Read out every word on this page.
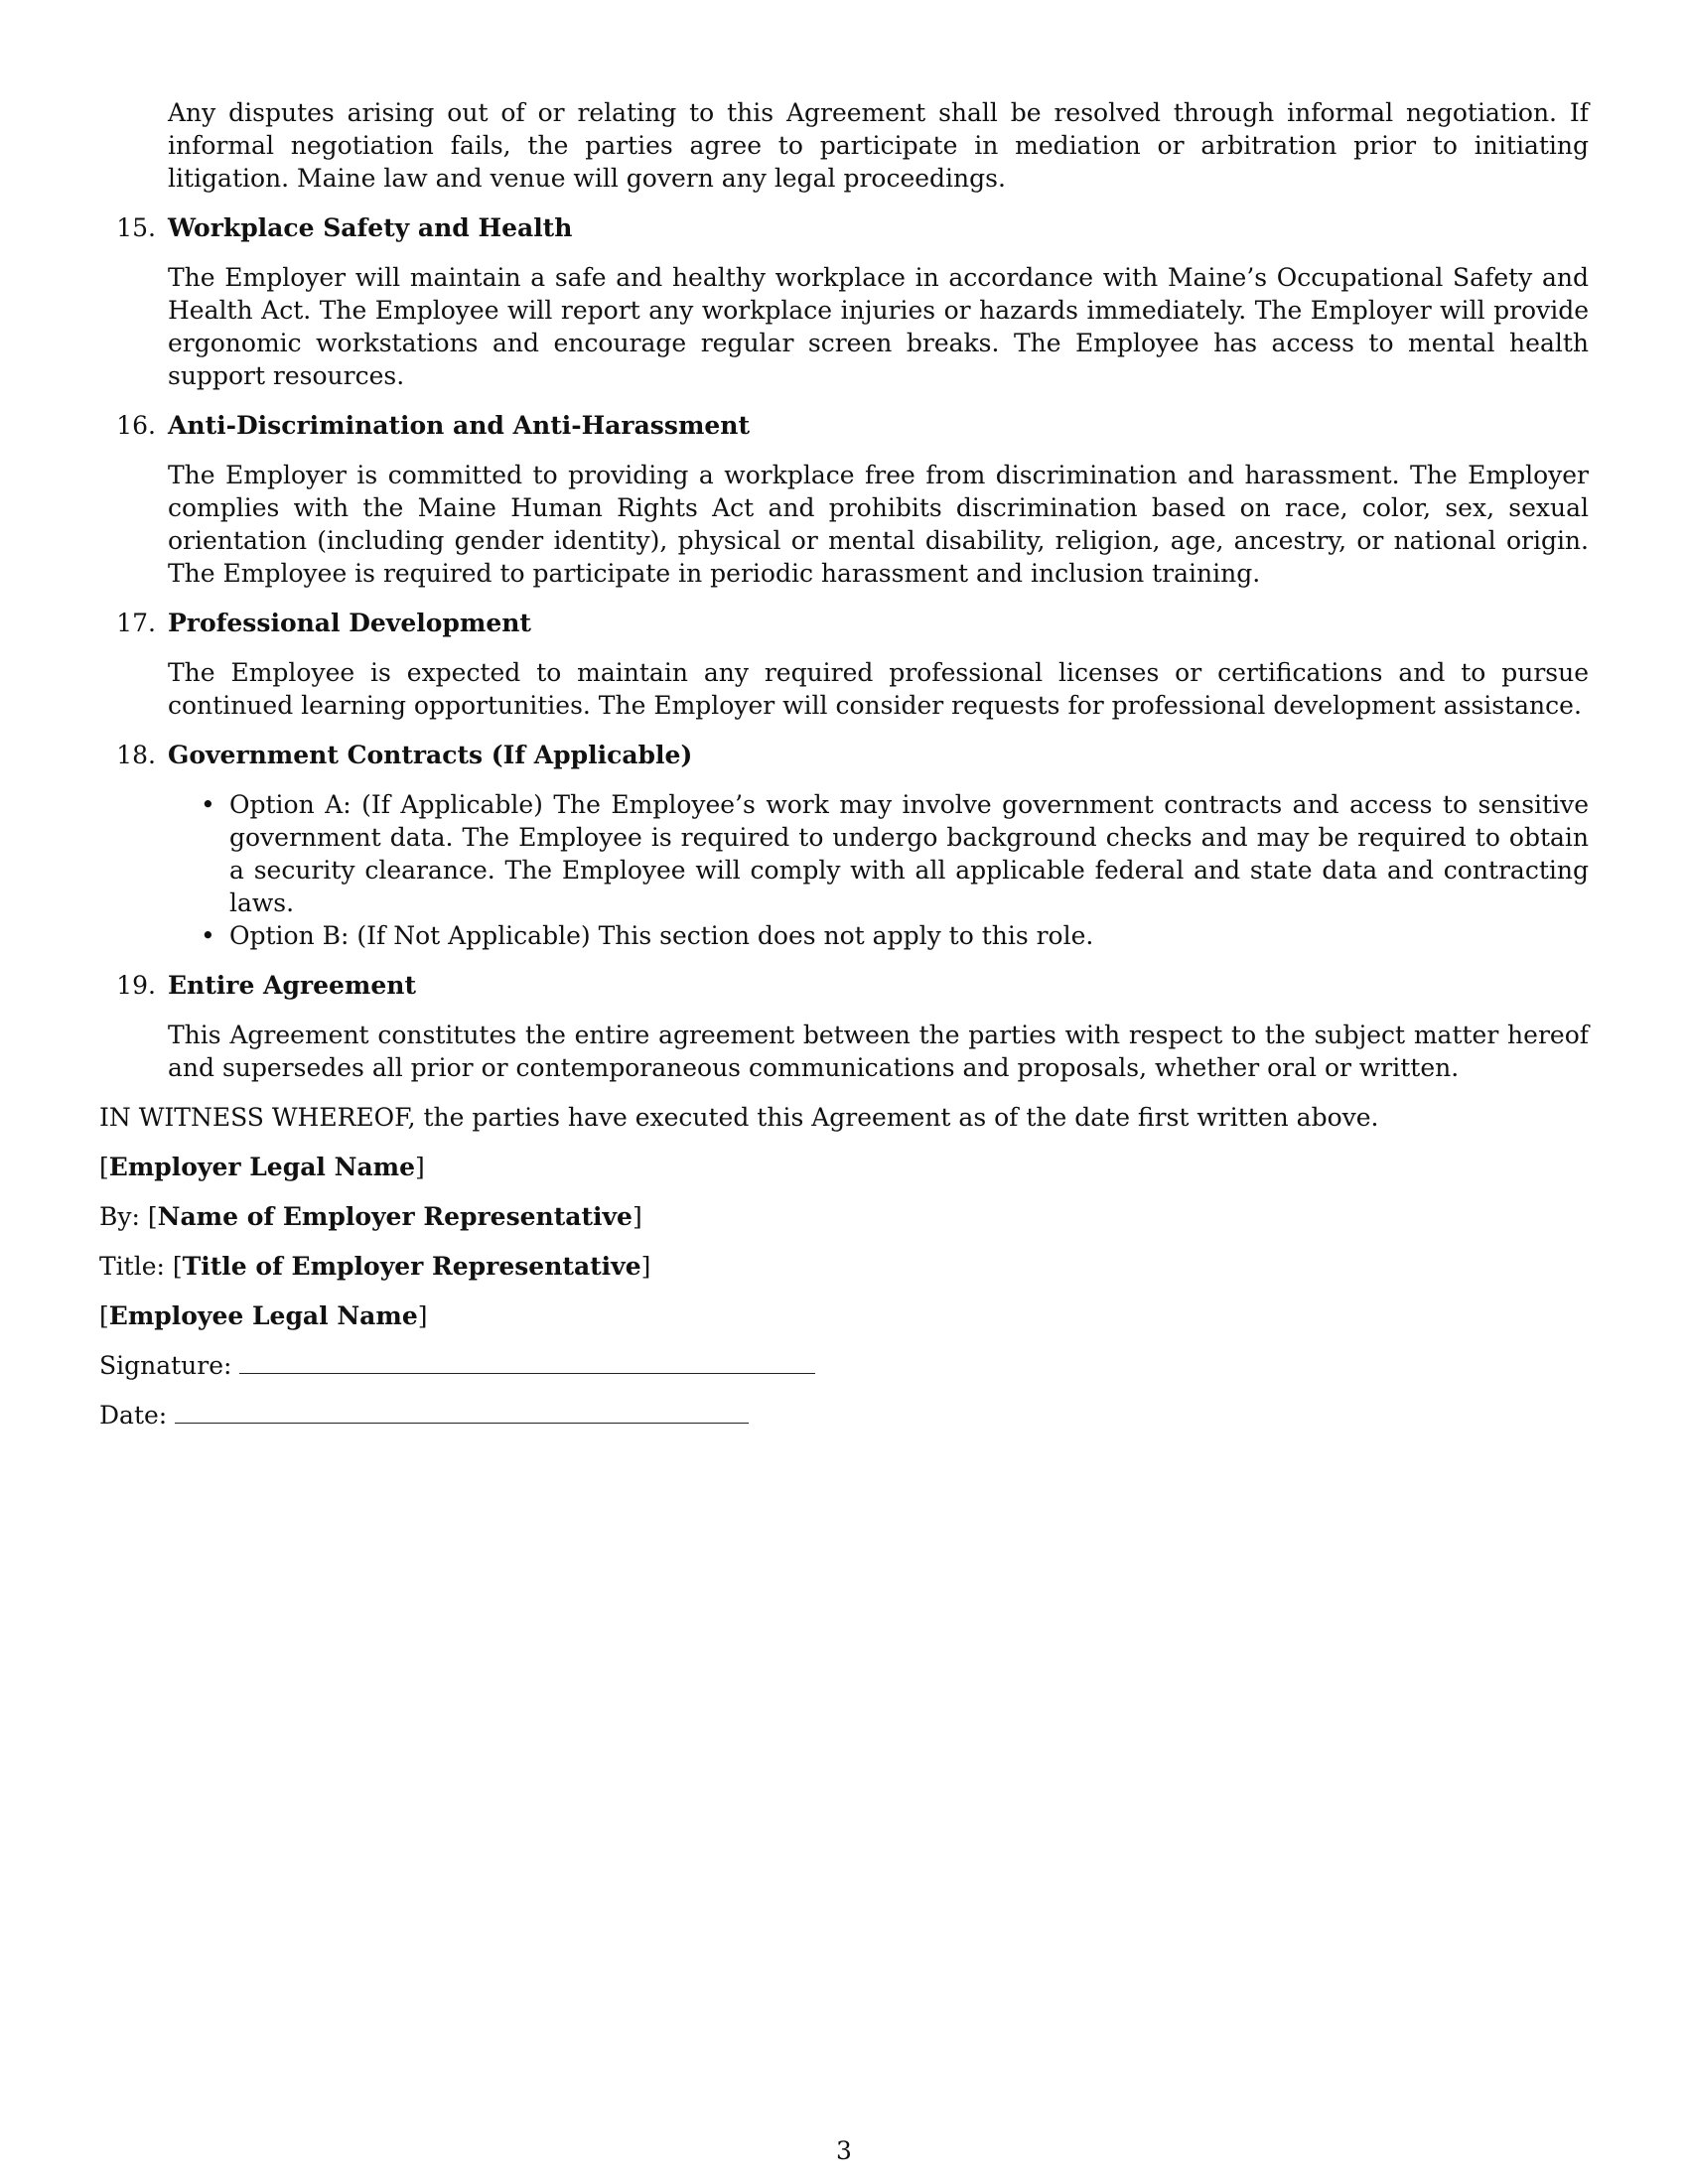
Any disputes arising out of or relating to this Agreement shall be resolved through informal negotiation. If informal negotiation fails, the parties agree to participate in mediation or arbitration prior to initiating litigation. Maine law and venue will govern any legal proceedings.

15. Workplace Safety and Health

The Employer will maintain a safe and healthy workplace in accordance with Maine’s Occupational Safety and Health Act. The Employee will report any workplace injuries or hazards immediately. The Employer will provide ergonomic workstations and encourage regular screen breaks. The Employee has access to mental health support resources.

16. Anti-Discrimination and Anti-Harassment

The Employer is committed to providing a workplace free from discrimination and harassment. The Employer complies with the Maine Human Rights Act and prohibits discrimination based on race, color, sex, sexual orientation (including gender identity), physical or mental disability, religion, age, ancestry, or national origin. The Employee is required to participate in periodic harassment and inclusion training.

17. Professional Development

The Employee is expected to maintain any required professional licenses or certifications and to pursue continued learning opportunities. The Employer will consider requests for professional development assistance.

18. Government Contracts (If Applicable)
• Option A: (If Applicable) The Employee’s work may involve government contracts and access to sensitive government data. The Employee is required to undergo background checks and may be required to obtain a security clearance. The Employee will comply with all applicable federal and state data and contracting laws.
• Option B: (If Not Applicable) This section does not apply to this role.
19. Entire Agreement

This Agreement constitutes the entire agreement between the parties with respect to the subject matter hereof and supersedes all prior or contemporaneous communications and proposals, whether oral or written.

IN WITNESS WHEREOF, the parties have executed this Agreement as of the date first written above.

[Employer Legal Name]

By: [Name of Employer Representative]

Title: [Title of Employer Representative]

[Employee Legal Name]

Signature:

Date:

3
